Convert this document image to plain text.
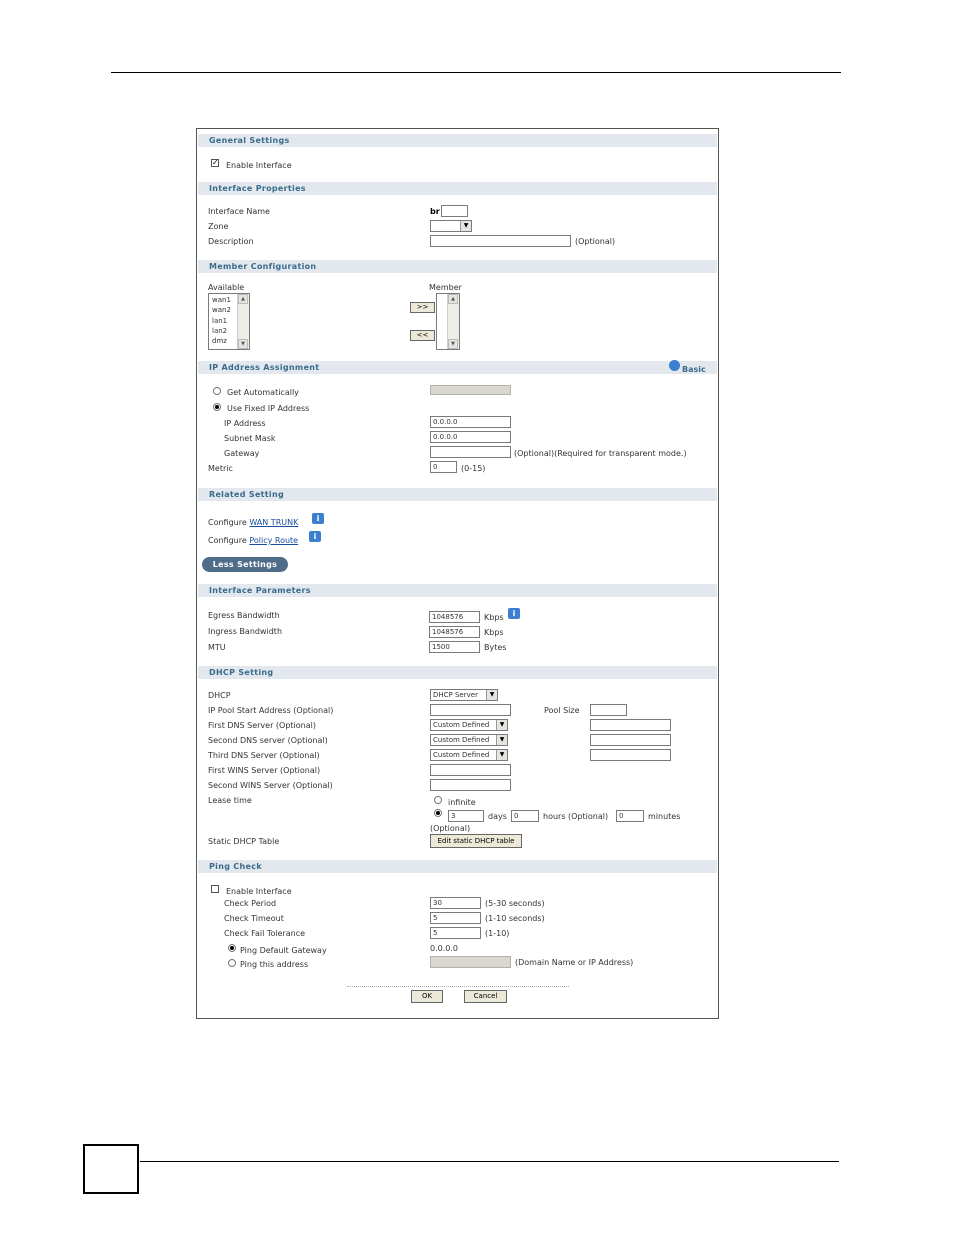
General Settings
✓ Enable Interface
Interface Properties
Interface Name	br
Zone	▼
Description	(Optional)
Member Configuration
Available
wan1
wan2
lan1
lan2
dmz
▲
▼
Member
>>
<<
▲
▼
IP Address Assignment	Basic
Get Automatically
Use Fixed IP Address
IP Address	0.0.0.0
Subnet Mask	0.0.0.0
Gateway	(Optional)(Required for transparent mode.)
Metric	0	(0-15)
Related Setting
Configure WAN TRUNK	i
Configure Policy Route	i
Less Settings
Interface Parameters
Egress Bandwidth	1048576	Kbps	i
Ingress Bandwidth	1048576	Kbps
MTU	1500	Bytes
DHCP Setting
DHCP	DHCP Server	▼
IP Pool Start Address (Optional)	Pool Size
First DNS Server (Optional)	Custom Defined	▼
Second DNS server (Optional)	Custom Defined	▼
Third DNS Server (Optional)	Custom Defined	▼
First WINS Server (Optional)
Second WINS Server (Optional)
Lease time	infinite
3	days	0	hours (Optional)	0	minutes
(Optional)
Static DHCP Table	Edit static DHCP table
Ping Check
Enable Interface
Check Period	30	(5-30 seconds)
Check Timeout	5	(1-10 seconds)
Check Fail Tolerance	5	(1-10)
Ping Default Gateway	0.0.0.0
Ping this address	(Domain Name or IP Address)
OK	Cancel
